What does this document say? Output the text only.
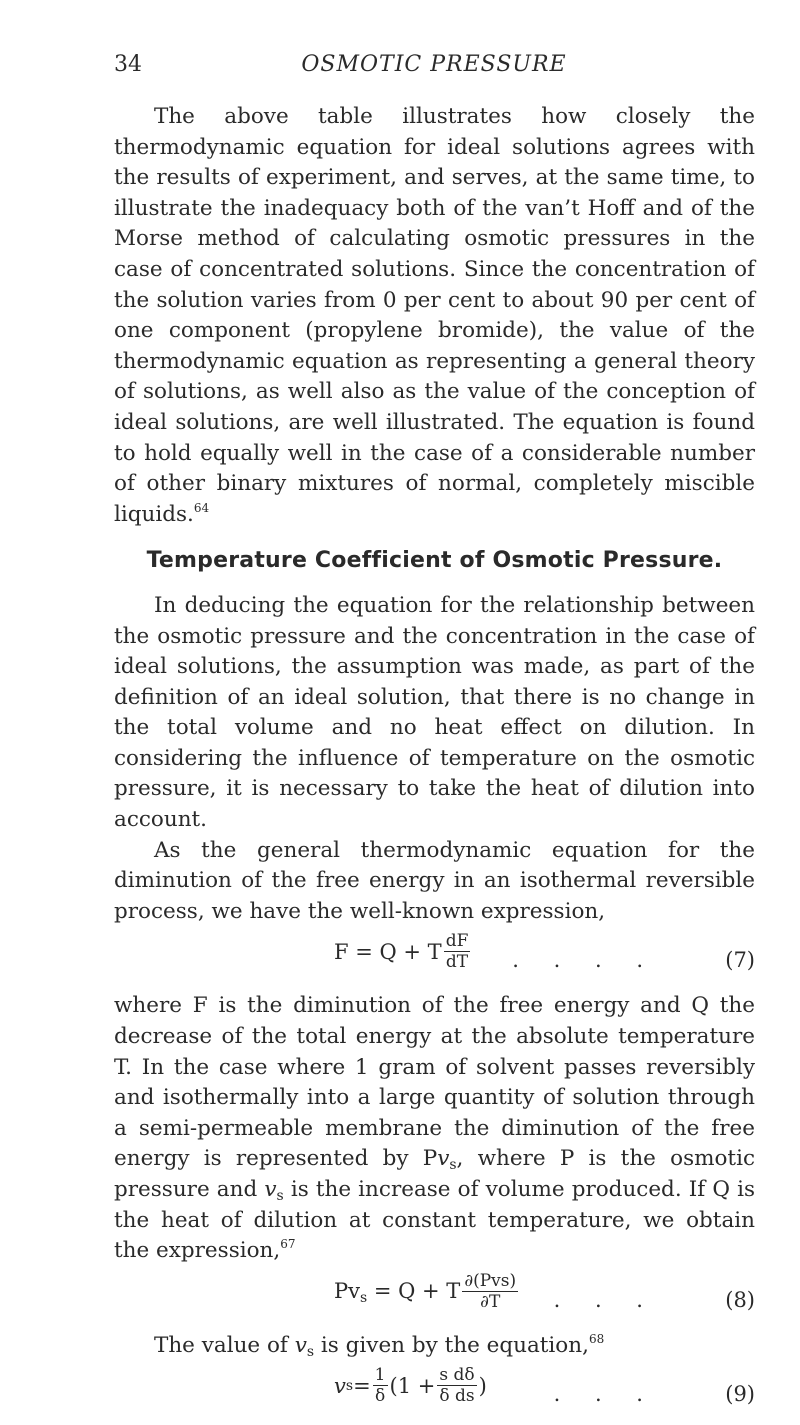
34	OSMOTIC PRESSURE

The above table illustrates how closely the thermodynamic equation for ideal solutions agrees with the results of experiment, and serves, at the same time, to illustrate the inadequacy both of the van’t Hoff and of the Morse method of calculating osmotic pressures in the case of concentrated solutions. Since the concentration of the solution varies from 0 per cent to about 90 per cent of one component (propylene bromide), the value of the thermodynamic equation as representing a general theory of solutions, as well also as the value of the conception of ideal solutions, are well illustrated. The equation is found to hold equally well in the case of a considerable number of other binary mixtures of normal, completely miscible liquids.$^{64}$

Temperature Coefficient of Osmotic Pressure.

In deducing the equation for the relationship between the osmotic pressure and the concentration in the case of ideal solutions, the assumption was made, as part of the definition of an ideal solution, that there is no change in the total volume and no heat effect on dilution. In considering the influence of temperature on the osmotic pressure, it is necessary to take the heat of dilution into account.

As the general thermodynamic equation for the diminution of the free energy in an isothermal reversible process, we have the well-known expression,

F = Q + T $\frac{dF}{dT}$ . . . .	(7)

where F is the diminution of the free energy and Q the decrease of the total energy at the absolute temperature T. In the case where 1 gram of solvent passes reversibly and isothermally into a large quantity of solution through a semi-permeable membrane the diminution of the free energy is represented by $Pv_s$, where P is the osmotic pressure and $v_s$ is the increase of volume produced. If Q is the heat of dilution at constant temperature, we obtain the expression,$^{67}$

$Pv_s = Q + T \frac{\text{∂(Pvs)}}{\partial T}$ . . .	(8)

The value of $v_s$ is given by the equation,$^{68}$

v $s = \frac{1}{\delta} (1 + \frac{\text{s dδ}}{\text{δ ds}}$ )	. . .	(9)
